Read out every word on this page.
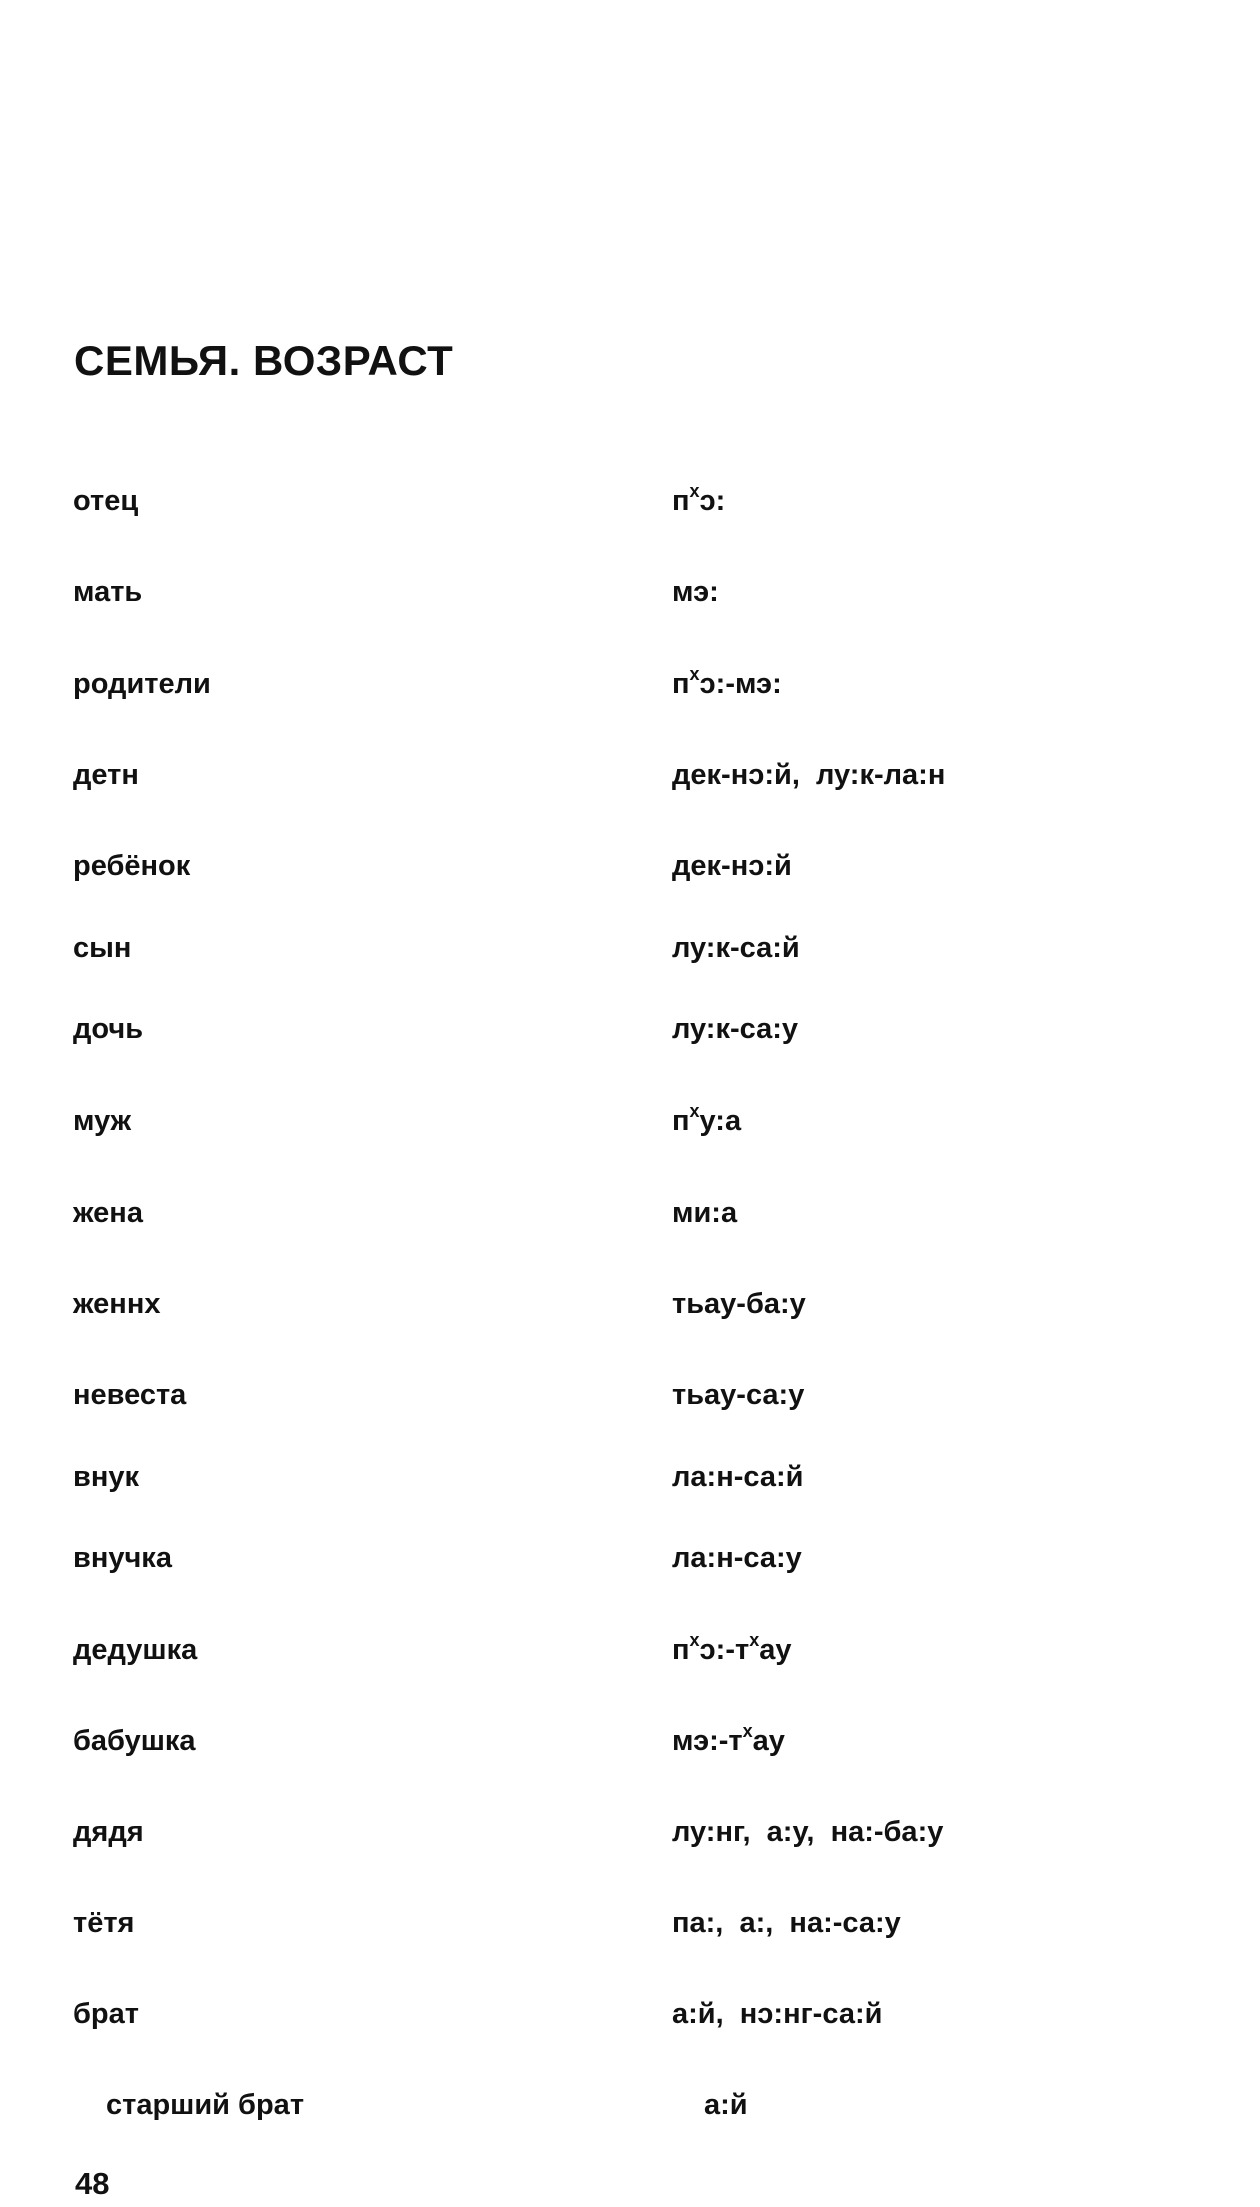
СЕМЬЯ. ВОЗРАСТ
отец	$п^хɔ$:
мать	мэ:
родители	$п^хɔ:-мэ$:
детн	дек-нɔ:й,  лу:к-ла:н
ребёнок	дек-нɔ:й
сын	лу:к-са:й
дочь	лу:к-са:у
муж	$п^ху:а$
жена	ми:а
женнх	тьау-ба:у
невеста	тьау-са:у
внук	ла:н-са:й
внучка	ла:н-са:у
дедушка	$п^хɔ:-т^хау$
бабушка	$мэ:-т^хау$
дядя	лу:нг,  а:у,  на:-ба:у
тётя	па:,  а:,  на:-са:у
брат	а:й,  нɔ:нг-са:й
старший брат	а:й
48
